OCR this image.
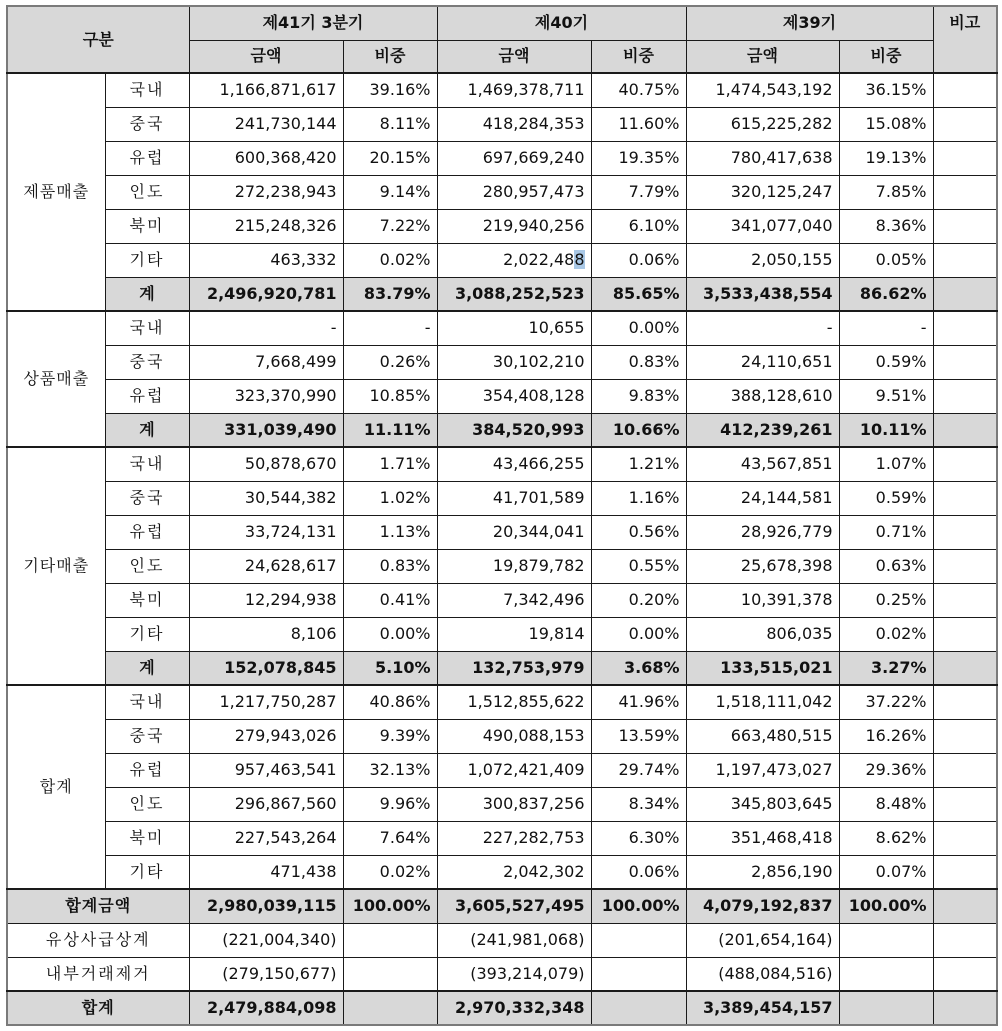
구분		제41기 3분기		제40기		제39기		비고
		금액	비중	금액	비중	금액	비중	
제품매출	국내	1,166,871,617	39.16%	1,469,378,711	40.75%	1,474,543,192	36.15%	
	중국	241,730,144	8.11%	418,284,353	11.60%	615,225,282	15.08%	
	유럽	600,368,420	20.15%	697,669,240	19.35%	780,417,638	19.13%	
	인도	272,238,943	9.14%	280,957,473	7.79%	320,125,247	7.85%	
	북미	215,248,326	7.22%	219,940,256	6.10%	341,077,040	8.36%	
	기타	463,332	0.02%	2,022,488	0.06%	2,050,155	0.05%	
	계	2,496,920,781	83.79%	3,088,252,523	85.65%	3,533,438,554	86.62%	
상품매출	국내	-	-	10,655	0.00%	-	-	
	중국	7,668,499	0.26%	30,102,210	0.83%	24,110,651	0.59%	
	유럽	323,370,990	10.85%	354,408,128	9.83%	388,128,610	9.51%	
	계	331,039,490	11.11%	384,520,993	10.66%	412,239,261	10.11%	
기타매출	국내	50,878,670	1.71%	43,466,255	1.21%	43,567,851	1.07%	
	중국	30,544,382	1.02%	41,701,589	1.16%	24,144,581	0.59%	
	유럽	33,724,131	1.13%	20,344,041	0.56%	28,926,779	0.71%	
	인도	24,628,617	0.83%	19,879,782	0.55%	25,678,398	0.63%	
	북미	12,294,938	0.41%	7,342,496	0.20%	10,391,378	0.25%	
	기타	8,106	0.00%	19,814	0.00%	806,035	0.02%	
	계	152,078,845	5.10%	132,753,979	3.68%	133,515,021	3.27%	
합계	국내	1,217,750,287	40.86%	1,512,855,622	41.96%	1,518,111,042	37.22%	
	중국	279,943,026	9.39%	490,088,153	13.59%	663,480,515	16.26%	
	유럽	957,463,541	32.13%	1,072,421,409	29.74%	1,197,473,027	29.36%	
	인도	296,867,560	9.96%	300,837,256	8.34%	345,803,645	8.48%	
	북미	227,543,264	7.64%	227,282,753	6.30%	351,468,418	8.62%	
	기타	471,438	0.02%	2,042,302	0.06%	2,856,190	0.07%	
합계금액		2,980,039,115	100.00%	3,605,527,495	100.00%	4,079,192,837	100.00%	
유상사급상계		(221,004,340)		(241,981,068)		(201,654,164)		
내부거래제거		(279,150,677)		(393,214,079)		(488,084,516)		
합계		2,479,884,098		2,970,332,348		3,389,454,157		
